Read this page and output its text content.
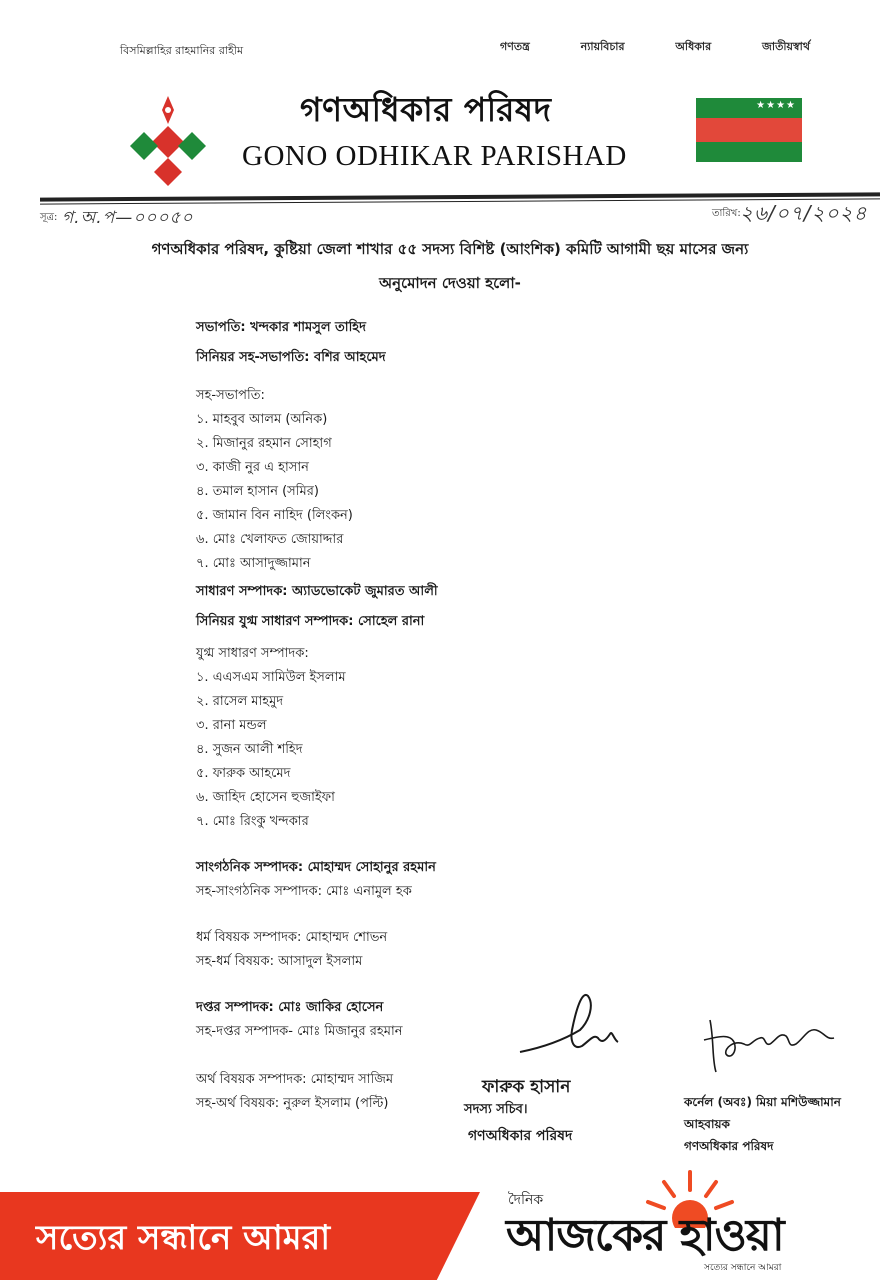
বিসমিল্লাহির রাহমানির রাহীম	গণতন্ত্র	ন্যায়বিচার	অধিকার	জাতীয়স্বার্থ
গণঅধিকার পরিষদ
GONO ODHIKAR PARISHAD
★★★★
সূত্র: গ.অ.প—০০০৫০	তারিখ: ২৬/০৭/২০২৪
গণঅধিকার পরিষদ, কুষ্টিয়া জেলা শাখার ৫৫ সদস্য বিশিষ্ট (আংশিক) কমিটি আগামী ছয় মাসের জন্য
অনুমোদন দেওয়া হলো-
সভাপতি: খন্দকার শামসুল তাহিদ
সিনিয়র সহ-সভাপতি: বশির আহমেদ
সহ-সভাপতি:
১. মাহবুব আলম (অনিক)
২. মিজানুর রহমান সোহাগ
৩. কাজী নুর এ হাসান
৪. তমাল হাসান (সমির)
৫. জামান বিন নাহিদ (লিংকন)
৬. মোঃ খেলাফত জোয়াদ্দার
৭. মোঃ আসাদুজ্জামান
সাধারণ সম্পাদক: অ্যাডভোকেট জুমারত আলী
সিনিয়র যুগ্ম সাধারণ সম্পাদক: সোহেল রানা
যুগ্ম সাধারণ সম্পাদক:
১. এএসএম সামিউল ইসলাম
২. রাসেল মাহমুদ
৩. রানা মন্ডল
৪. সুজন আলী শহিদ
৫. ফারুক আহমেদ
৬. জাহিদ হোসেন হুজাইফা
৭. মোঃ রিংকু খন্দকার
সাংগঠনিক সম্পাদক: মোহাম্মদ সোহানুর রহমান
সহ-সাংগঠনিক সম্পাদক: মোঃ এনামুল হক
ধর্ম বিষয়ক সম্পাদক: মোহাম্মদ শোভন
সহ-ধর্ম বিষয়ক: আসাদুল ইসলাম
দপ্তর সম্পাদক: মোঃ জাকির হোসেন
সহ-দপ্তর সম্পাদক- মোঃ মিজানুর রহমান
অর্থ বিষয়ক সম্পাদক: মোহাম্মদ সাজিম
সহ-অর্থ বিষয়ক: নুরুল ইসলাম (পল্টি)
ফারুক হাসান
সদস্য সচিব।
গণঅধিকার পরিষদ
কর্নেল (অবঃ) মিয়া মশিউজ্জামান
আহবায়ক
গণঅধিকার পরিষদ
সত্যের সন্ধানে আমরা
দৈনিক
আজকের হাওয়া
সত্যের সন্ধানে আমরা
